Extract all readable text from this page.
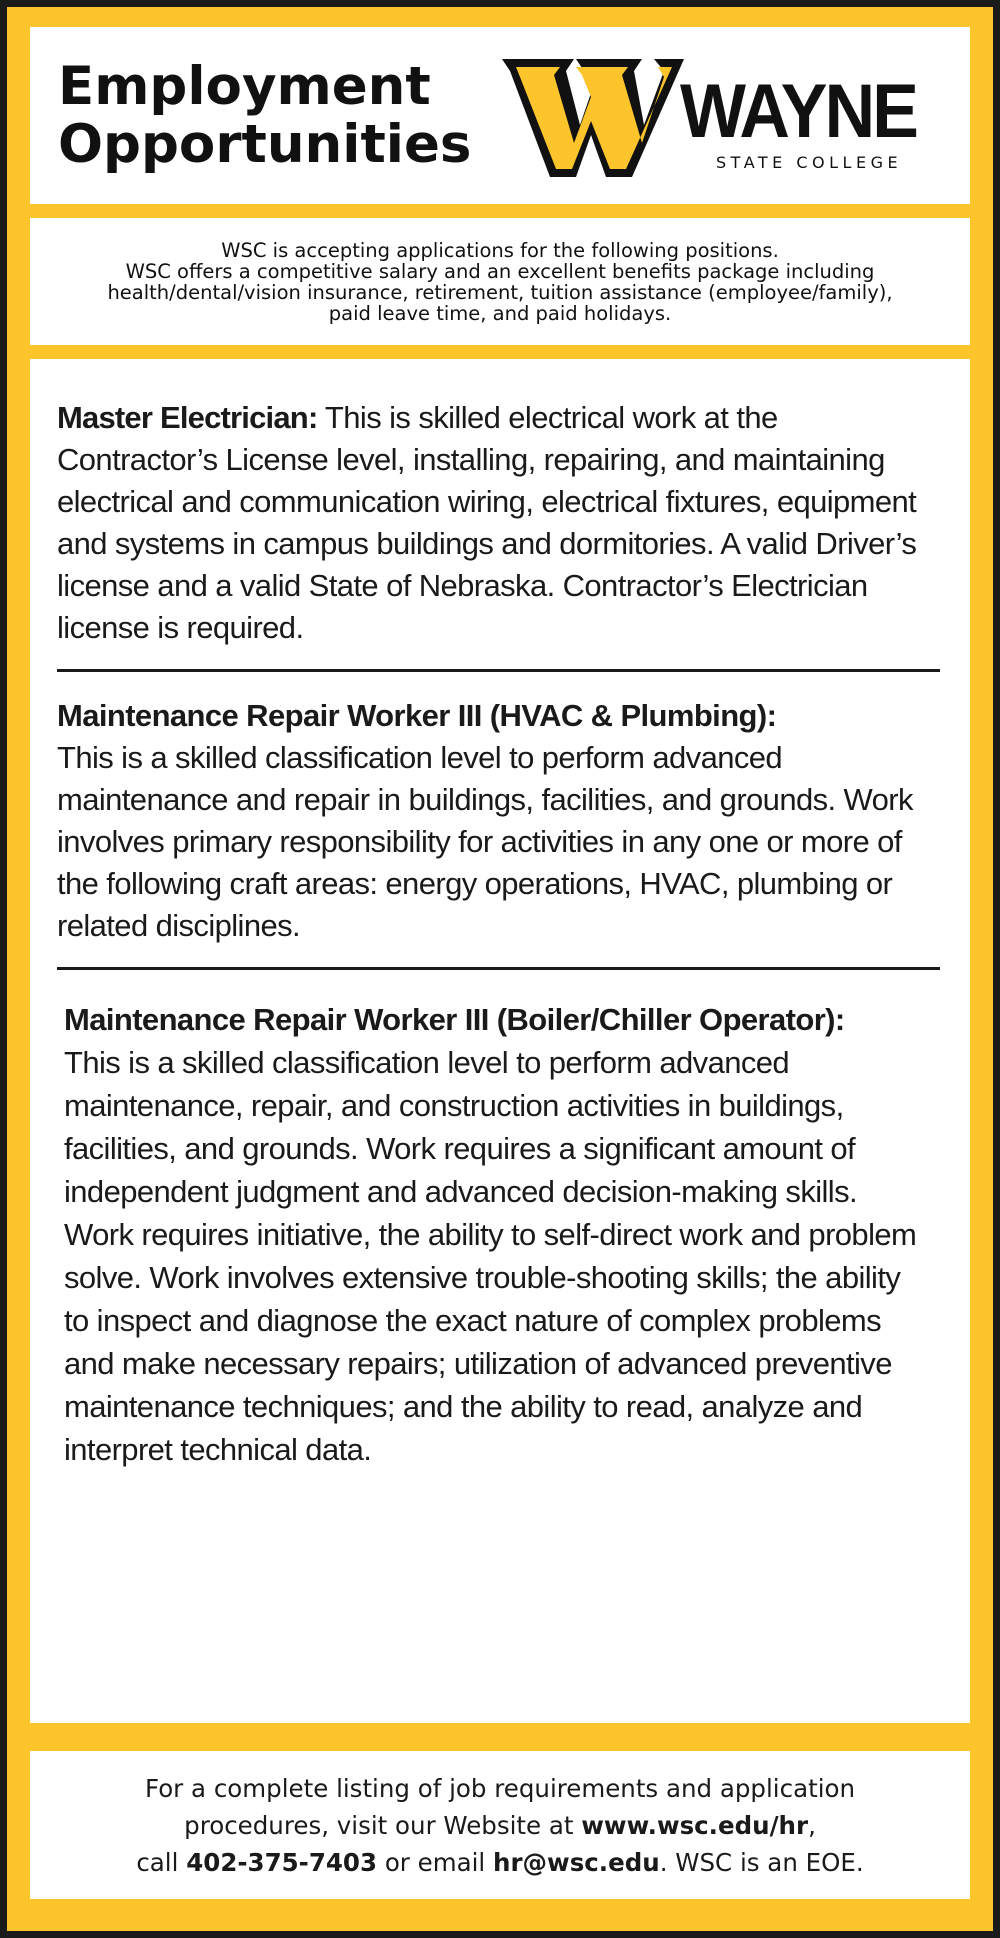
Employment
Opportunities	WAYNE
STATE COLLEGE
WSC is accepting applications for the following positions.
WSC offers a competitive salary and an excellent benefits package including
health/dental/vision insurance, retirement, tuition assistance (employee/family),
paid leave time, and paid holidays.

Master Electrician: This is skilled electrical work at the

Contractor’s License level, installing, repairing, and maintaining

electrical and communication wiring, electrical fixtures, equipment

and systems in campus buildings and dormitories. A valid Driver’s

license and a valid State of Nebraska. Contractor’s Electrician

license is required.

Maintenance Repair Worker III (HVAC & Plumbing):

This is a skilled classification level to perform advanced

maintenance and repair in buildings, facilities, and grounds. Work

involves primary responsibility for activities in any one or more of

the following craft areas: energy operations, HVAC, plumbing or

related disciplines.

Maintenance Repair Worker III (Boiler/Chiller Operator):

This is a skilled classification level to perform advanced

maintenance, repair, and construction activities in buildings,

facilities, and grounds. Work requires a significant amount of

independent judgment and advanced decision-making skills.

Work requires initiative, the ability to self-direct work and problem

solve. Work involves extensive trouble-shooting skills; the ability

to inspect and diagnose the exact nature of complex problems

and make necessary repairs; utilization of advanced preventive

maintenance techniques; and the ability to read, analyze and

interpret technical data.

For a complete listing of job requirements and application
procedures, visit our Website at www.wsc.edu/hr,
call 402-375-7403 or email hr@wsc.edu. WSC is an EOE.
